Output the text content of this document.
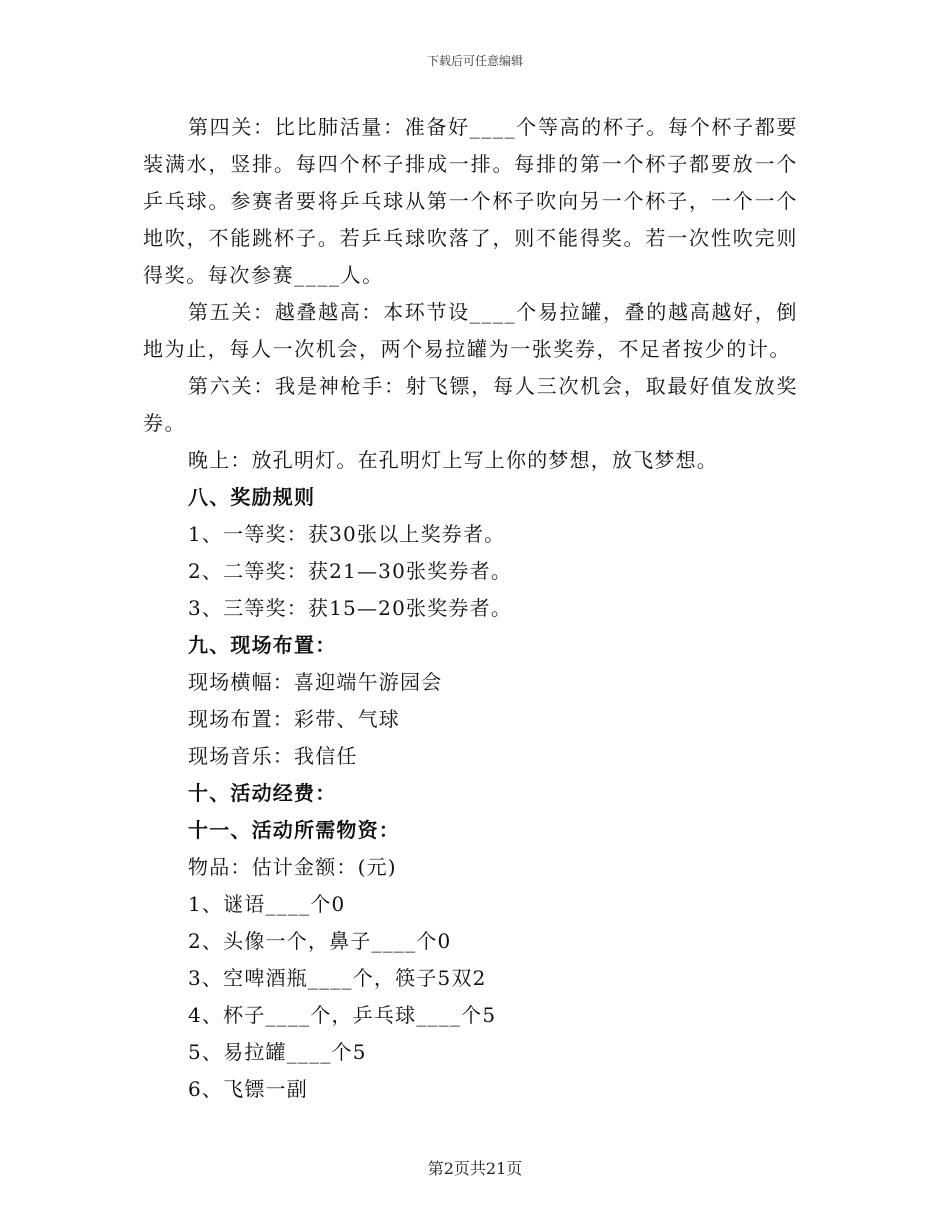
下载后可任意编辑

第四关：比比肺活量：准备好____个等高的杯子。每个杯子都要装满水，竖排。每四个杯子排成一排。每排的第一个杯子都要放一个乒乓球。参赛者要将乒乓球从第一个杯子吹向另一个杯子，一个一个地吹，不能跳杯子。若乒乓球吹落了，则不能得奖。若一次性吹完则得奖。每次参赛____人。

第五关：越叠越高：本环节设____个易拉罐，叠的越高越好，倒地为止，每人一次机会，两个易拉罐为一张奖券，不足者按少的计。

第六关：我是神枪手：射飞镖，每人三次机会，取最好值发放奖券。

晚上：放孔明灯。在孔明灯上写上你的梦想，放飞梦想。

八、奖励规则

1、一等奖：获30张以上奖券者。

2、二等奖：获21—30张奖券者。

3、三等奖：获15—20张奖券者。

九、现场布置：

现场横幅：喜迎端午游园会

现场布置：彩带、气球

现场音乐：我信任

十、活动经费：

十一、活动所需物资：

物品：估计金额：(元)

1、谜语____个0

2、头像一个，鼻子____个0

3、空啤酒瓶____个，筷子5双2

4、杯子____个，乒乓球____个5

5、易拉罐____个5

6、飞镖一副

第2页共21页
